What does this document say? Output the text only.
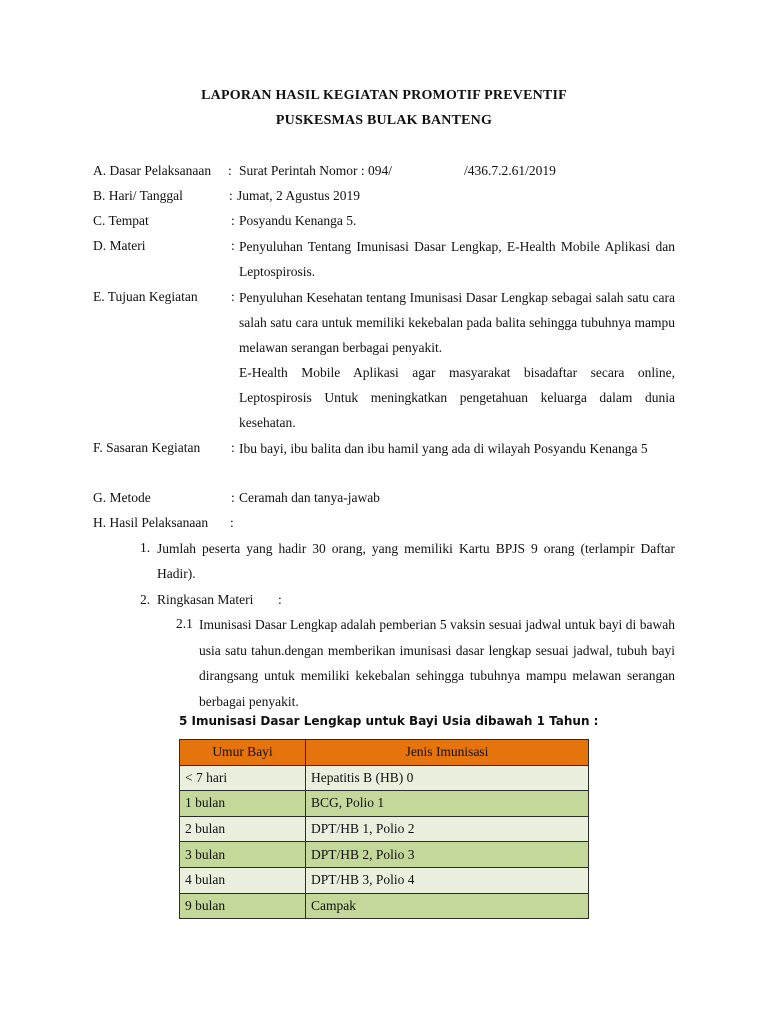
LAPORAN HASIL KEGIATAN PROMOTIF PREVENTIF
PUSKESMAS BULAK BANTENG
A. Dasar Pelaksanaan : Surat Perintah Nomor : 094/	/436.7.2.61/2019
B. Hari/ Tanggal	: Jumat, 2 Agustus 2019
C. Tempat	: Posyandu Kenanga 5.
D. Materi	: Penyuluhan Tentang Imunisasi Dasar Lengkap, E-Health Mobile Aplikasi dan Leptospirosis.
E. Tujuan Kegiatan : Penyuluhan Kesehatan tentang Imunisasi Dasar Lengkap sebagai salah satu cara salah satu cara untuk memiliki kekebalan pada balita sehingga tubuhnya mampu melawan serangan berbagai penyakit.
E-Health Mobile Aplikasi agar masyarakat bisadaftar secara online, Leptospirosis Untuk meningkatkan pengetahuan keluarga dalam dunia kesehatan.
F. Sasaran Kegiatan : Ibu bayi, ibu balita dan ibu hamil yang ada di wilayah Posyandu Kenanga 5
G. Metode	: Ceramah dan tanya-jawab
H. Hasil Pelaksanaan :
1. Jumlah peserta yang hadir 30 orang, yang memiliki Kartu BPJS 9 orang (terlampir Daftar Hadir).
2. Ringkasan Materi :
2.1 Imunisasi Dasar Lengkap adalah pemberian 5 vaksin sesuai jadwal untuk bayi di bawah usia satu tahun.dengan memberikan imunisasi dasar lengkap sesuai jadwal, tubuh bayi dirangsang untuk memiliki kekebalan sehingga tubuhnya mampu melawan serangan berbagai penyakit.
5 Imunisasi Dasar Lengkap untuk Bayi Usia dibawah 1 Tahun :
Umur Bayi	Jenis Imunisasi
< 7 hari	Hepatitis B (HB) 0
1 bulan	BCG, Polio 1
2 bulan	DPT/HB 1, Polio 2
3 bulan	DPT/HB 2, Polio 3
4 bulan	DPT/HB 3, Polio 4
9 bulan	Campak
